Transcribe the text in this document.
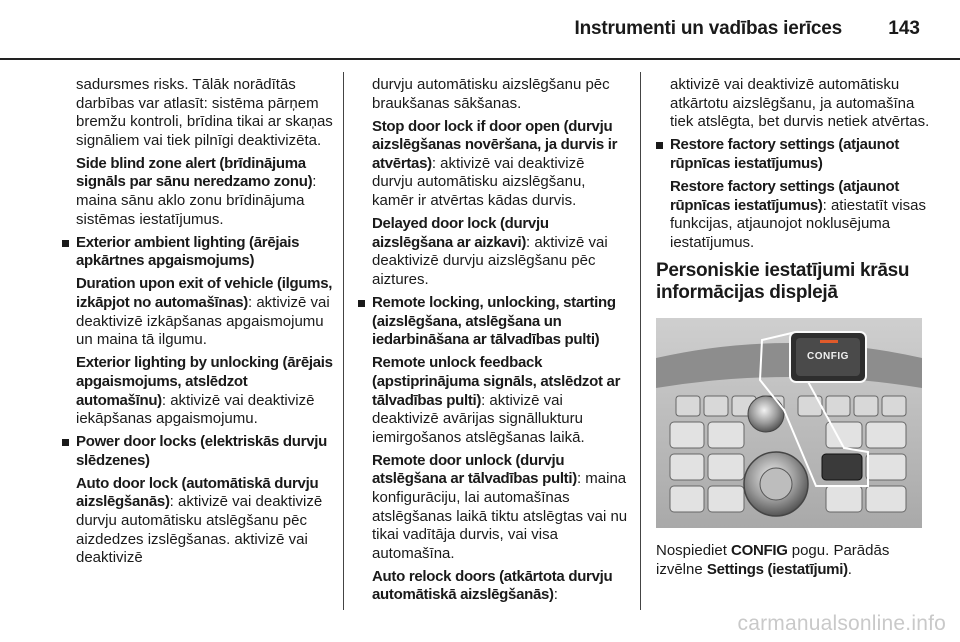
Instrumenti un vadības ierīces 143

sadursmes risks. Tālāk norādītās darbības var atlasīt: sistēma pārņem bremžu kontroli, brīdina tikai ar skaņas signāliem vai tiek pilnīgi deaktivizēta.

Side blind zone alert (brīdinājuma signāls par sānu neredzamo zonu): maina sānu aklo zonu brīdinājuma sistēmas iestatījumus.

Exterior ambient lighting (ārējais apkārtnes apgaismojums)

Duration upon exit of vehicle (ilgums, izkāpjot no automašīnas): aktivizē vai deaktivizē izkāpšanas apgaismojumu un maina tā ilgumu.

Exterior lighting by unlocking (ārējais apgaismojums, atslēdzot automašīnu): aktivizē vai deaktivizē iekāpšanas apgaismojumu.

Power door locks (elektriskās durvju slēdzenes)

Auto door lock (automātiskā durvju aizslēgšanās): aktivizē vai deaktivizē durvju automātisku atslēgšanu pēc aizdedzes izslēgšanas. aktivizē vai deaktivizē

durvju automātisku aizslēgšanu pēc braukšanas sākšanas.

Stop door lock if door open (durvju aizslēgšanas novēršana, ja durvis ir atvērtas): aktivizē vai deaktivizē durvju automātisku aizslēgšanu, kamēr ir atvērtas kādas durvis.

Delayed door lock (durvju aizslēgšana ar aizkavi): aktivizē vai deaktivizē durvju aizslēgšanu pēc aiztures.

Remote locking, unlocking, starting (aizslēgšana, atslēgšana un iedarbināšana ar tālvadības pulti)

Remote unlock feedback (apstiprinājuma signāls, atslēdzot ar tālvadības pulti): aktivizē vai deaktivizē avārijas signāllukturu iemirgošanos atslēgšanas laikā.

Remote door unlock (durvju atslēgšana ar tālvadības pulti): maina konfigurāciju, lai automašīnas atslēgšanas laikā tiktu atslēgtas vai nu tikai vadītāja durvis, vai visa automašīna.

Auto relock doors (atkārtota durvju automātiskā aizslēgšanās):

aktivizē vai deaktivizē automātisku atkārtotu aizslēgšanu, ja automašīna tiek atslēgta, bet durvis netiek atvērtas.

Restore factory settings (atjaunot rūpnīcas iestatījumus)

Restore factory settings (atjaunot rūpnīcas iestatījumus): atiestatīt visas funkcijas, atjaunojot noklusējuma iestatījumus.

Personiskie iestatījumi krāsu informācijas displejā
CONFIG

Nospiediet CONFIG pogu. Parādās izvēlne Settings (iestatījumi).

carmanualsonline.info
